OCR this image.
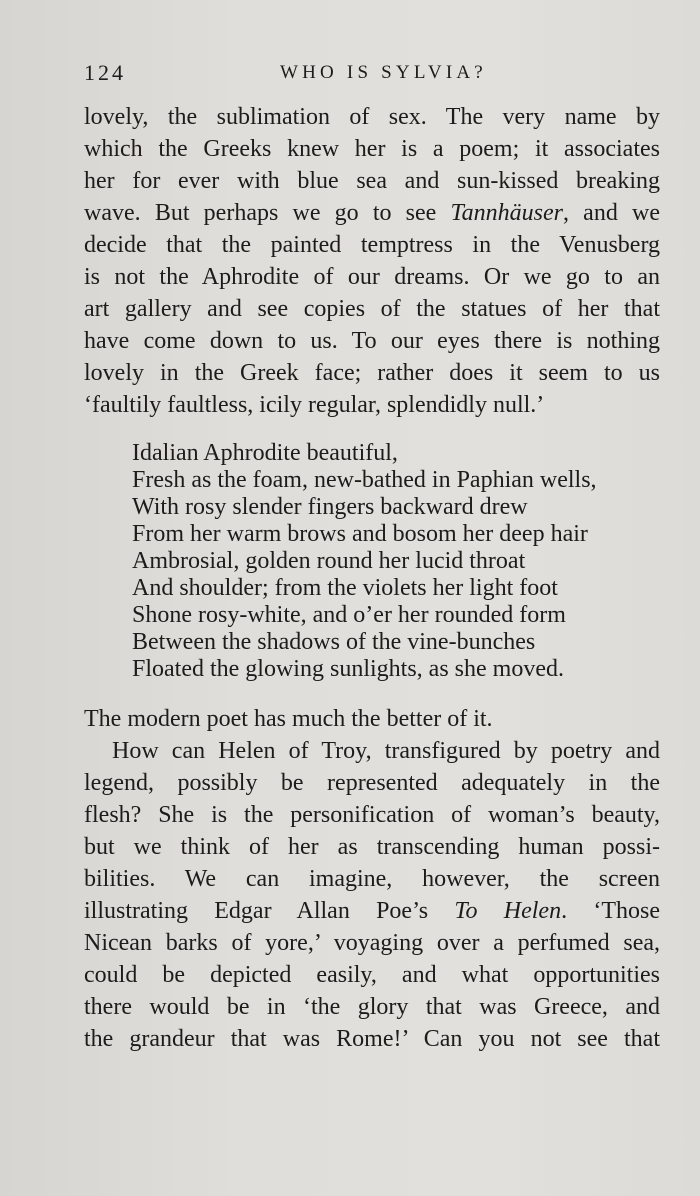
124	WHO IS SYLVIA?

lovely, the sublimation of sex. The very name by

which the Greeks knew her is a poem; it associates

her for ever with blue sea and sun-kissed breaking

wave. But perhaps we go to see Tannhäuser, and we

decide that the painted temptress in the Venusberg

is not the Aphrodite of our dreams. Or we go to an

art gallery and see copies of the statues of her that

have come down to us. To our eyes there is nothing

lovely in the Greek face; rather does it seem to us

‘faultily faultless, icily regular, splendidly null.’

Idalian Aphrodite beautiful,

Fresh as the foam, new-bathed in Paphian wells,

With rosy slender fingers backward drew

From her warm brows and bosom her deep hair

Ambrosial, golden round her lucid throat

And shoulder; from the violets her light foot

Shone rosy-white, and o’er her rounded form

Between the shadows of the vine-bunches

Floated the glowing sunlights, as she moved.

The modern poet has much the better of it.

How can Helen of Troy, transfigured by poetry and

legend, possibly be represented adequately in the

flesh? She is the personification of woman’s beauty,

but we think of her as transcending human possi-

bilities. We can imagine, however, the screen

illustrating Edgar Allan Poe’s To Helen. ‘Those

Nicean barks of yore,’ voyaging over a perfumed sea,

could be depicted easily, and what opportunities

there would be in ‘the glory that was Greece, and

the grandeur that was Rome!’ Can you not see that
